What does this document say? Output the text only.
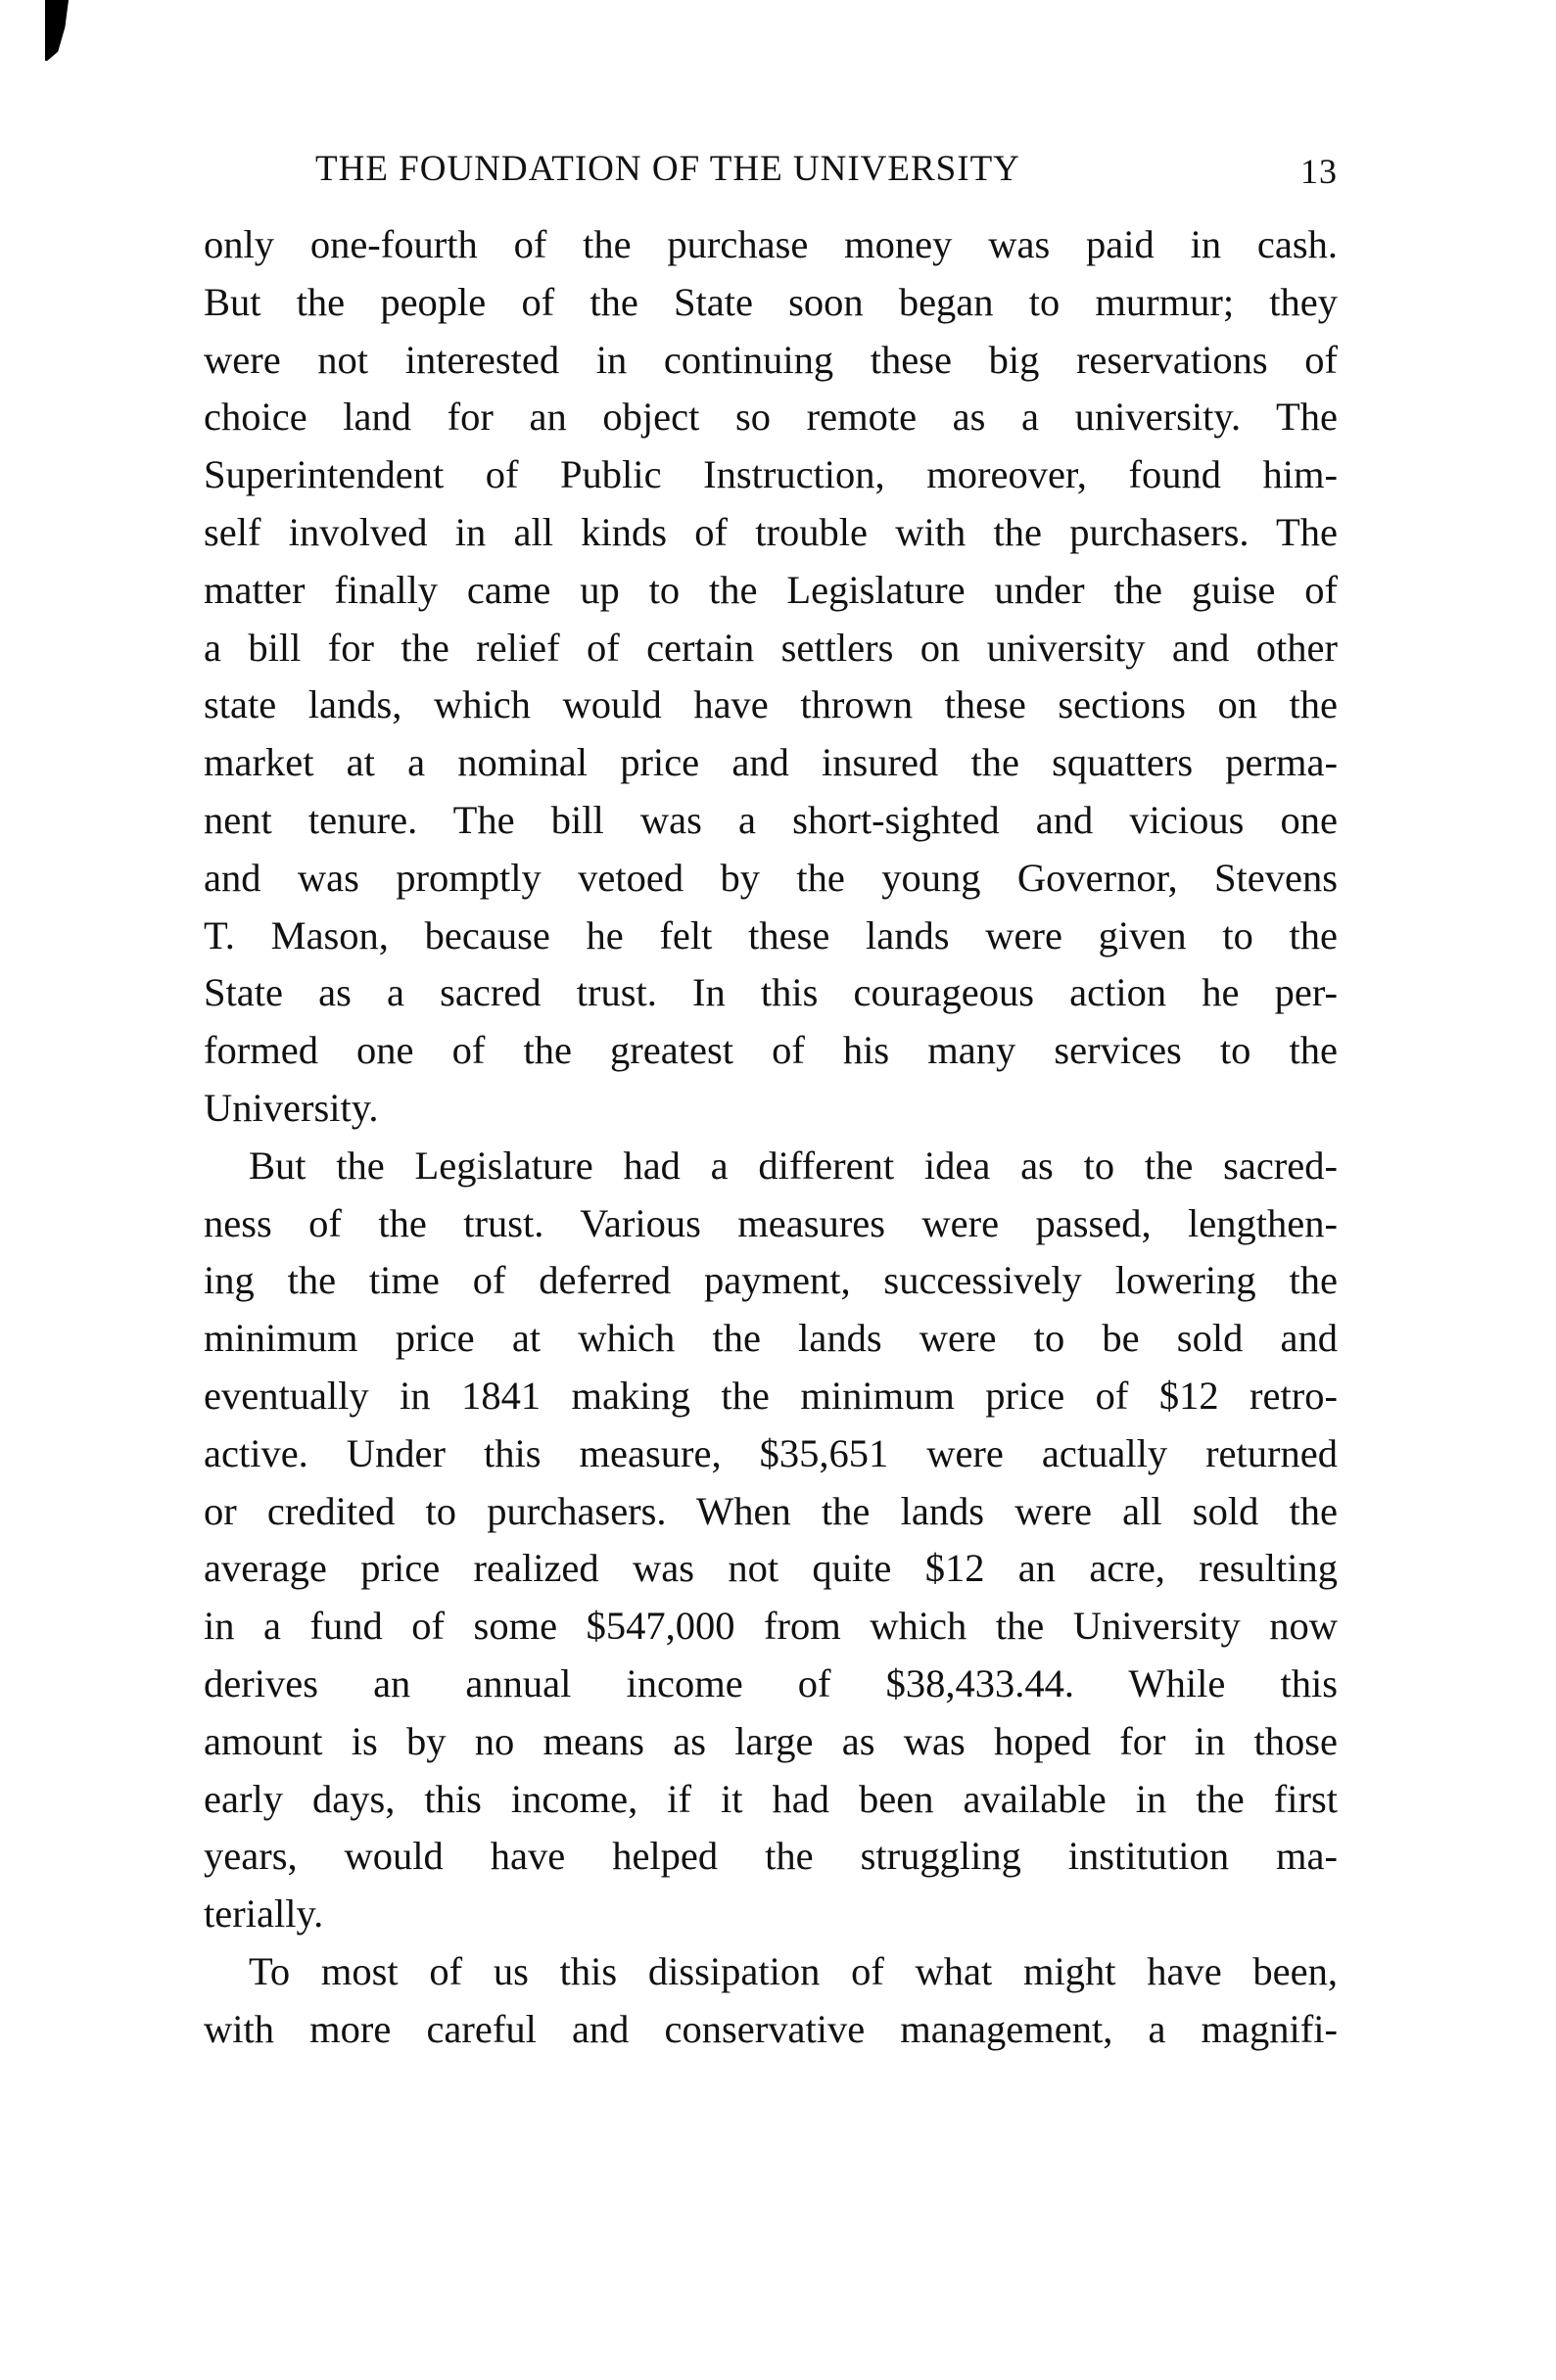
THE FOUNDATION OF THE UNIVERSITY	13
only one-fourth of the purchase money was paid in cash.
But the people of the State soon began to murmur; they
were not interested in continuing these big reservations of
choice land for an object so remote as a university. The
Superintendent of Public Instruction, moreover, found him-
self involved in all kinds of trouble with the purchasers. The
matter finally came up to the Legislature under the guise of
a bill for the relief of certain settlers on university and other
state lands, which would have thrown these sections on the
market at a nominal price and insured the squatters perma-
nent tenure. The bill was a short-sighted and vicious one
and was promptly vetoed by the young Governor, Stevens
T. Mason, because he felt these lands were given to the
State as a sacred trust. In this courageous action he per-
formed one of the greatest of his many services to the
University.
But the Legislature had a different idea as to the sacred-
ness of the trust. Various measures were passed, lengthen-
ing the time of deferred payment, successively lowering the
minimum price at which the lands were to be sold and
eventually in 1841 making the minimum price of $12 retro-
active. Under this measure, $35,651 were actually returned
or credited to purchasers. When the lands were all sold the
average price realized was not quite $12 an acre, resulting
in a fund of some $547,000 from which the University now
derives an annual income of $38,433.44. While this
amount is by no means as large as was hoped for in those
early days, this income, if it had been available in the first
years, would have helped the struggling institution ma-
terially.
To most of us this dissipation of what might have been,
with more careful and conservative management, a magnifi-
